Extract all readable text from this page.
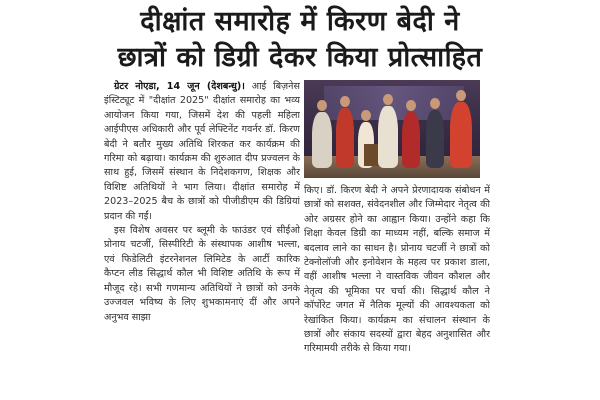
दीक्षांत समारोह में किरण बेदी ने
छात्रों को डिग्री देकर किया प्रोत्साहित

ग्रेटर नोएडा, 14 जून (देशबन्धु)। आई बिज़नेस इंस्टिट्यूट में "दीक्षांत 2025" दीक्षांत समारोह का भव्य आयोजन किया गया, जिसमें देश की पहली महिला आईपीएस अधिकारी और पूर्व लेफ्टिनेंट गवर्नर डॉ. किरण बेदी ने बतौर मुख्य अतिथि शिरकत कर कार्यक्रम की गरिमा को बढ़ाया। कार्यक्रम की शुरुआत दीप प्रज्वलन के साथ हुई, जिसमें संस्थान के निदेशकगण, शिक्षक और विशिष्ट अतिथियों ने भाग लिया। दीक्षांत समारोह में 2023–2025 बैच के छात्रों को पीजीडीएम की डिग्रियां प्रदान की गईं।

इस विशेष अवसर पर ब्लूमी के फाउंडर एवं सीईओ प्रोनाय चटर्जी, सिस्पीरिटी के संस्थापक आशीष भल्ला, एवं फिडेलिटी इंटरनेशनल लिमिटेड के आर्टी कारिक कैप्टन लीड सिद्धार्थ कौल भी विशिष्ट अतिथि के रूप में मौजूद रहे। सभी गणमान्य अतिथियों ने छात्रों को उनके उज्जवल भविष्य के लिए शुभकामनाएं दीं और अपने अनुभव साझा

किए। डॉ. किरण बेदी ने अपने प्रेरणादायक संबोधन में छात्रों को सशक्त, संवेदनशील और जिम्मेदार नेतृत्व की ओर अग्रसर होने का आह्वान किया। उन्होंने कहा कि शिक्षा केवल डिग्री का माध्यम नहीं, बल्कि समाज में बदलाव लाने का साधन है। प्रोनाय चटर्जी ने छात्रों को टेक्नोलॉजी और इनोवेशन के महत्व पर प्रकाश डाला, वहीं आशीष भल्ला ने वास्तविक जीवन कौशल और नेतृत्व की भूमिका पर चर्चा की। सिद्धार्थ कौल ने कॉर्पोरेट जगत में नैतिक मूल्यों की आवश्यकता को रेखांकित किया। कार्यक्रम का संचालन संस्थान के छात्रों और संकाय सदस्यों द्वारा बेहद अनुशासित और गरिमामयी तरीके से किया गया।
